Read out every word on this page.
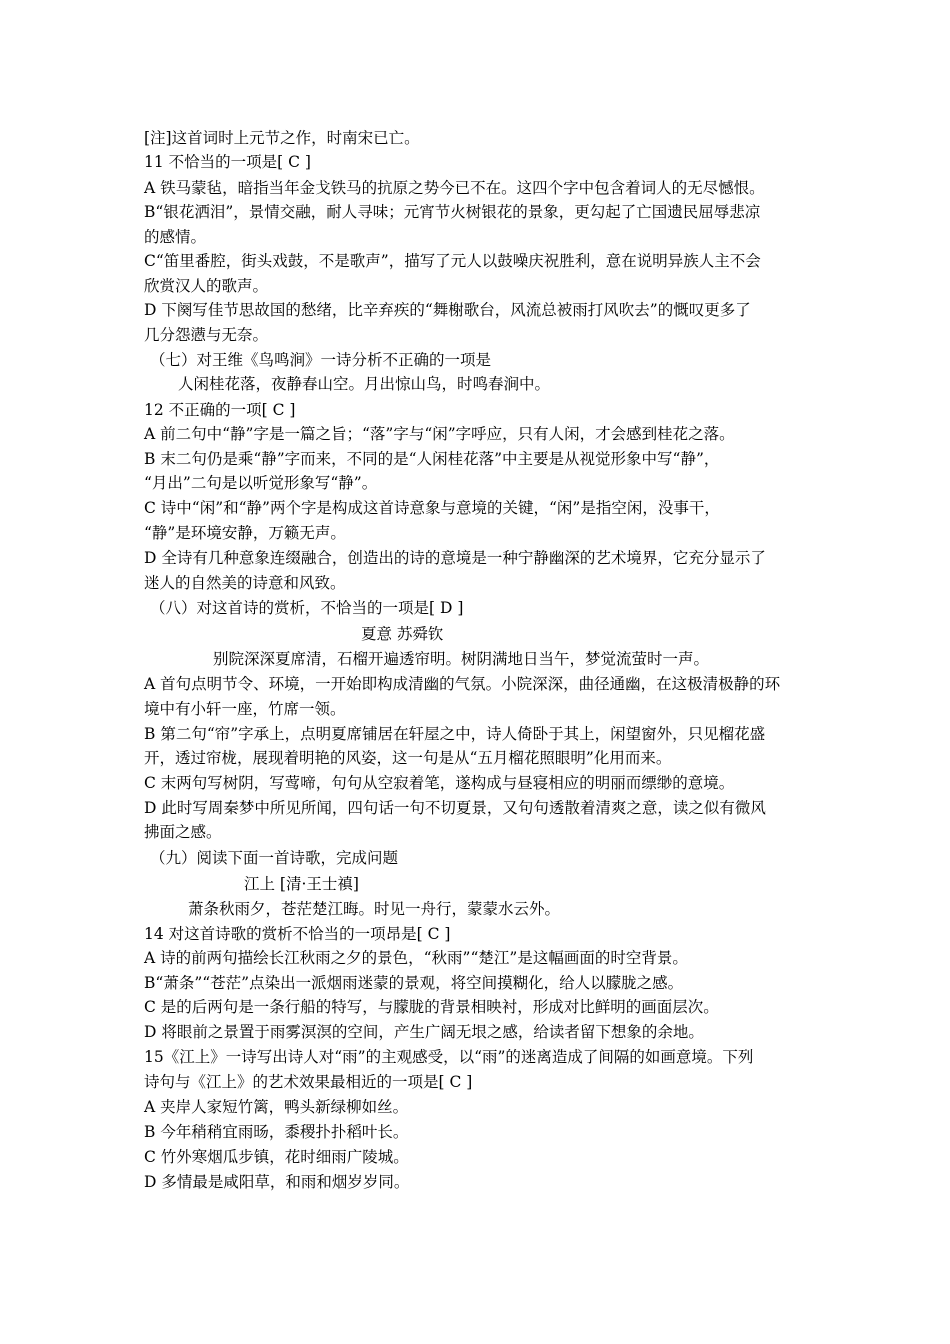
[注]这首词时上元节之作，时南宋已亡。
11 不恰当的一项是[ C ]
A 铁马蒙毡，暗指当年金戈铁马的抗原之势今已不在。这四个字中包含着词人的无尽憾恨。
B“银花洒泪”，景情交融，耐人寻味；元宵节火树银花的景象，更勾起了亡国遗民屈辱悲凉
的感情。
C“笛里番腔，街头戏鼓，不是歌声”，描写了元人以鼓噪庆祝胜利，意在说明异族人主不会
欣赏汉人的歌声。
D 下阕写佳节思故国的愁绪，比辛弃疾的“舞榭歌台，风流总被雨打风吹去”的慨叹更多了
几分怨懑与无奈。
（七）对王维《鸟鸣涧》一诗分析不正确的一项是
人闲桂花落，夜静春山空。月出惊山鸟，时鸣春涧中。
12 不正确的一项[ C ]
A 前二句中“静”字是一篇之旨；“落”字与“闲”字呼应，只有人闲，才会感到桂花之落。
B 末二句仍是乘“静”字而来，不同的是“人闲桂花落”中主要是从视觉形象中写“静”，
“月出”二句是以听觉形象写“静”。
C 诗中“闲”和“静”两个字是构成这首诗意象与意境的关键，“闲”是指空闲，没事干，
“静”是环境安静，万籁无声。
D 全诗有几种意象连缀融合，创造出的诗的意境是一种宁静幽深的艺术境界，它充分显示了
迷人的自然美的诗意和风致。
（八）对这首诗的赏析，不恰当的一项是[ D ]
夏意 苏舜钦
别院深深夏席清，石榴开遍透帘明。树阴满地日当午，梦觉流萤时一声。
A 首句点明节令、环境，一开始即构成清幽的气氛。小院深深，曲径通幽，在这极清极静的环
境中有小轩一座，竹席一领。
B 第二句“帘”字承上，点明夏席铺居在轩屋之中，诗人倚卧于其上，闲望窗外，只见榴花盛
开，透过帘栊，展现着明艳的风姿，这一句是从“五月榴花照眼明”化用而来。
C 末两句写树阴，写莺啼，句句从空寂着笔，遂构成与昼寝相应的明丽而缥缈的意境。
D 此时写周秦梦中所见所闻，四句话一句不切夏景，又句句透散着清爽之意，读之似有微风
拂面之感。
（九）阅读下面一首诗歌，完成问题
江上 [清·王士禛]
萧条秋雨夕，苍茫楚江晦。时见一舟行，蒙蒙水云外。
14 对这首诗歌的赏析不恰当的一项昂是[ C ]
A 诗的前两句描绘长江秋雨之夕的景色，“秋雨”“楚江”是这幅画面的时空背景。
B“萧条”“苍茫”点染出一派烟雨迷蒙的景观，将空间摸糊化，给人以朦胧之感。
C 是的后两句是一条行船的特写，与朦胧的背景相映衬，形成对比鲜明的画面层次。
D 将眼前之景置于雨雾溟溟的空间，产生广阔无垠之感，给读者留下想象的余地。
15《江上》一诗写出诗人对“雨”的主观感受，以“雨”的迷离造成了间隔的如画意境。下列
诗句与《江上》的艺术效果最相近的一项是[ C ]
A 夹岸人家短竹篱，鸭头新绿柳如丝。
B 今年稍稍宜雨旸，黍稷扑扑稻叶长。
C 竹外寒烟瓜步镇，花时细雨广陵城。
D 多情最是咸阳草，和雨和烟岁岁同。
